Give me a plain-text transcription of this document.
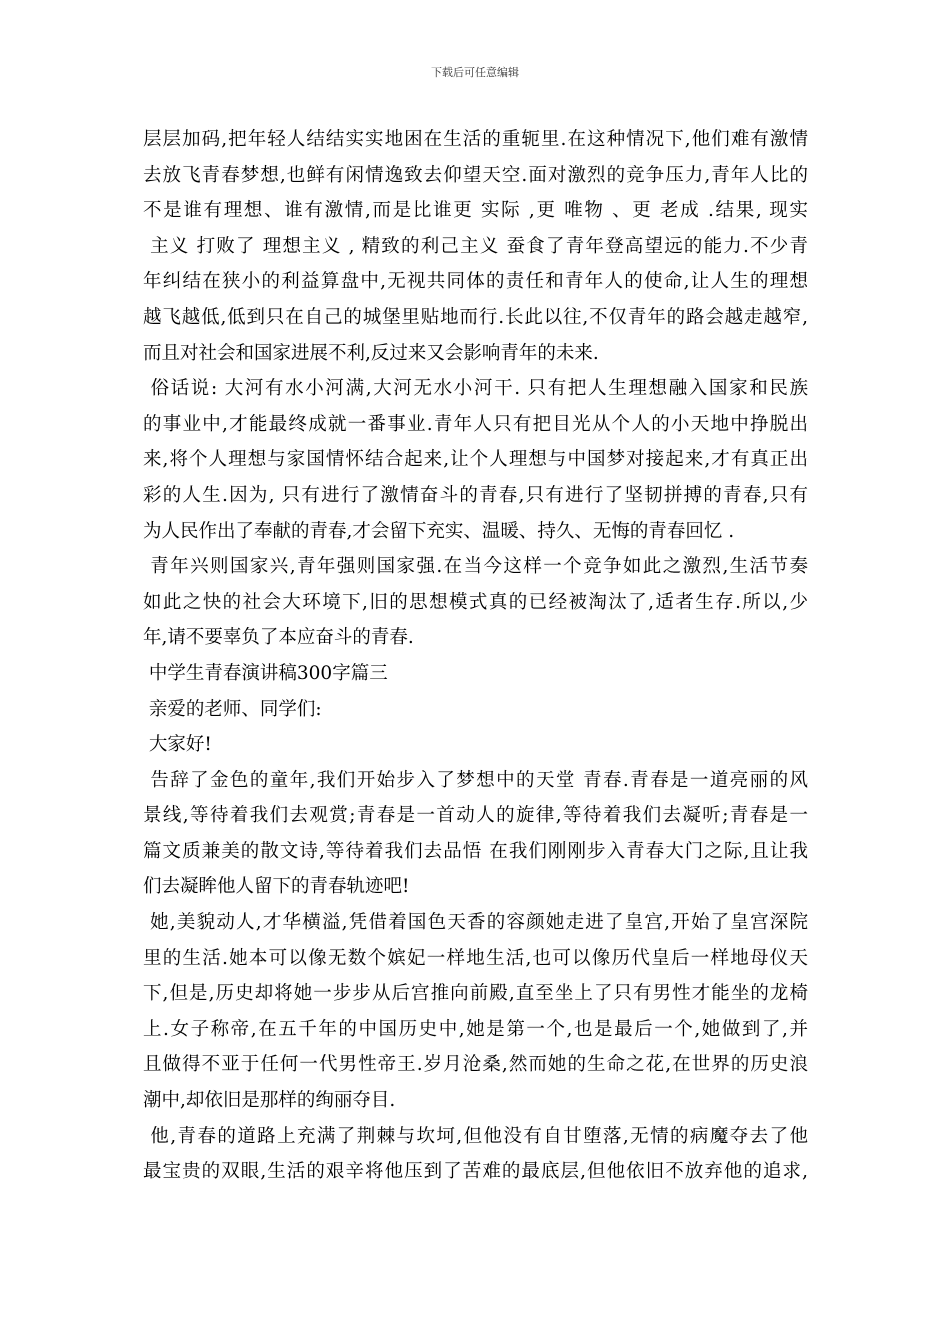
下载后可任意编辑
层层加码,把年轻人结结实实地困在生活的重轭里.在这种情况下,他们难有激情
去放飞青春梦想,也鲜有闲情逸致去仰望天空.面对激烈的竞争压力,青年人比的
不是谁有理想、谁有激情,而是比谁更 实际 ,更 唯物 、更 老成 .结果, 现实
主义 打败了 理想主义 , 精致的利己主义 蚕食了青年登高望远的能力.不少青
年纠结在狭小的利益算盘中,无视共同体的责任和青年人的使命,让人生的理想
越飞越低,低到只在自己的城堡里贴地而行.长此以往,不仅青年的路会越走越窄,
而且对社会和国家进展不利,反过来又会影响青年的未来.
俗话说: 大河有水小河满,大河无水小河干. 只有把人生理想融入国家和民族
的事业中,才能最终成就一番事业.青年人只有把目光从个人的小天地中挣脱出
来,将个人理想与家国情怀结合起来,让个人理想与中国梦对接起来,才有真正出
彩的人生.因为, 只有进行了激情奋斗的青春,只有进行了坚韧拼搏的青春,只有
为人民作出了奉献的青春,才会留下充实、温暖、持久、无悔的青春回忆 .
青年兴则国家兴,青年强则国家强.在当今这样一个竞争如此之激烈,生活节奏
如此之快的社会大环境下,旧的思想模式真的已经被淘汰了,适者生存.所以,少
年,请不要辜负了本应奋斗的青春.
中学生青春演讲稿300字篇三
亲爱的老师、同学们:
大家好!
告辞了金色的童年,我们开始步入了梦想中的天堂 青春.青春是一道亮丽的风
景线,等待着我们去观赏;青春是一首动人的旋律,等待着我们去凝听;青春是一
篇文质兼美的散文诗,等待着我们去品悟 在我们刚刚步入青春大门之际,且让我
们去凝眸他人留下的青春轨迹吧!
她,美貌动人,才华横溢,凭借着国色天香的容颜她走进了皇宫,开始了皇宫深院
里的生活.她本可以像无数个嫔妃一样地生活,也可以像历代皇后一样地母仪天
下,但是,历史却将她一步步从后宫推向前殿,直至坐上了只有男性才能坐的龙椅
上.女子称帝,在五千年的中国历史中,她是第一个,也是最后一个,她做到了,并
且做得不亚于任何一代男性帝王.岁月沧桑,然而她的生命之花,在世界的历史浪
潮中,却依旧是那样的绚丽夺目.
他,青春的道路上充满了荆棘与坎坷,但他没有自甘堕落,无情的病魔夺去了他
最宝贵的双眼,生活的艰辛将他压到了苦难的最底层,但他依旧不放弃他的追求,
